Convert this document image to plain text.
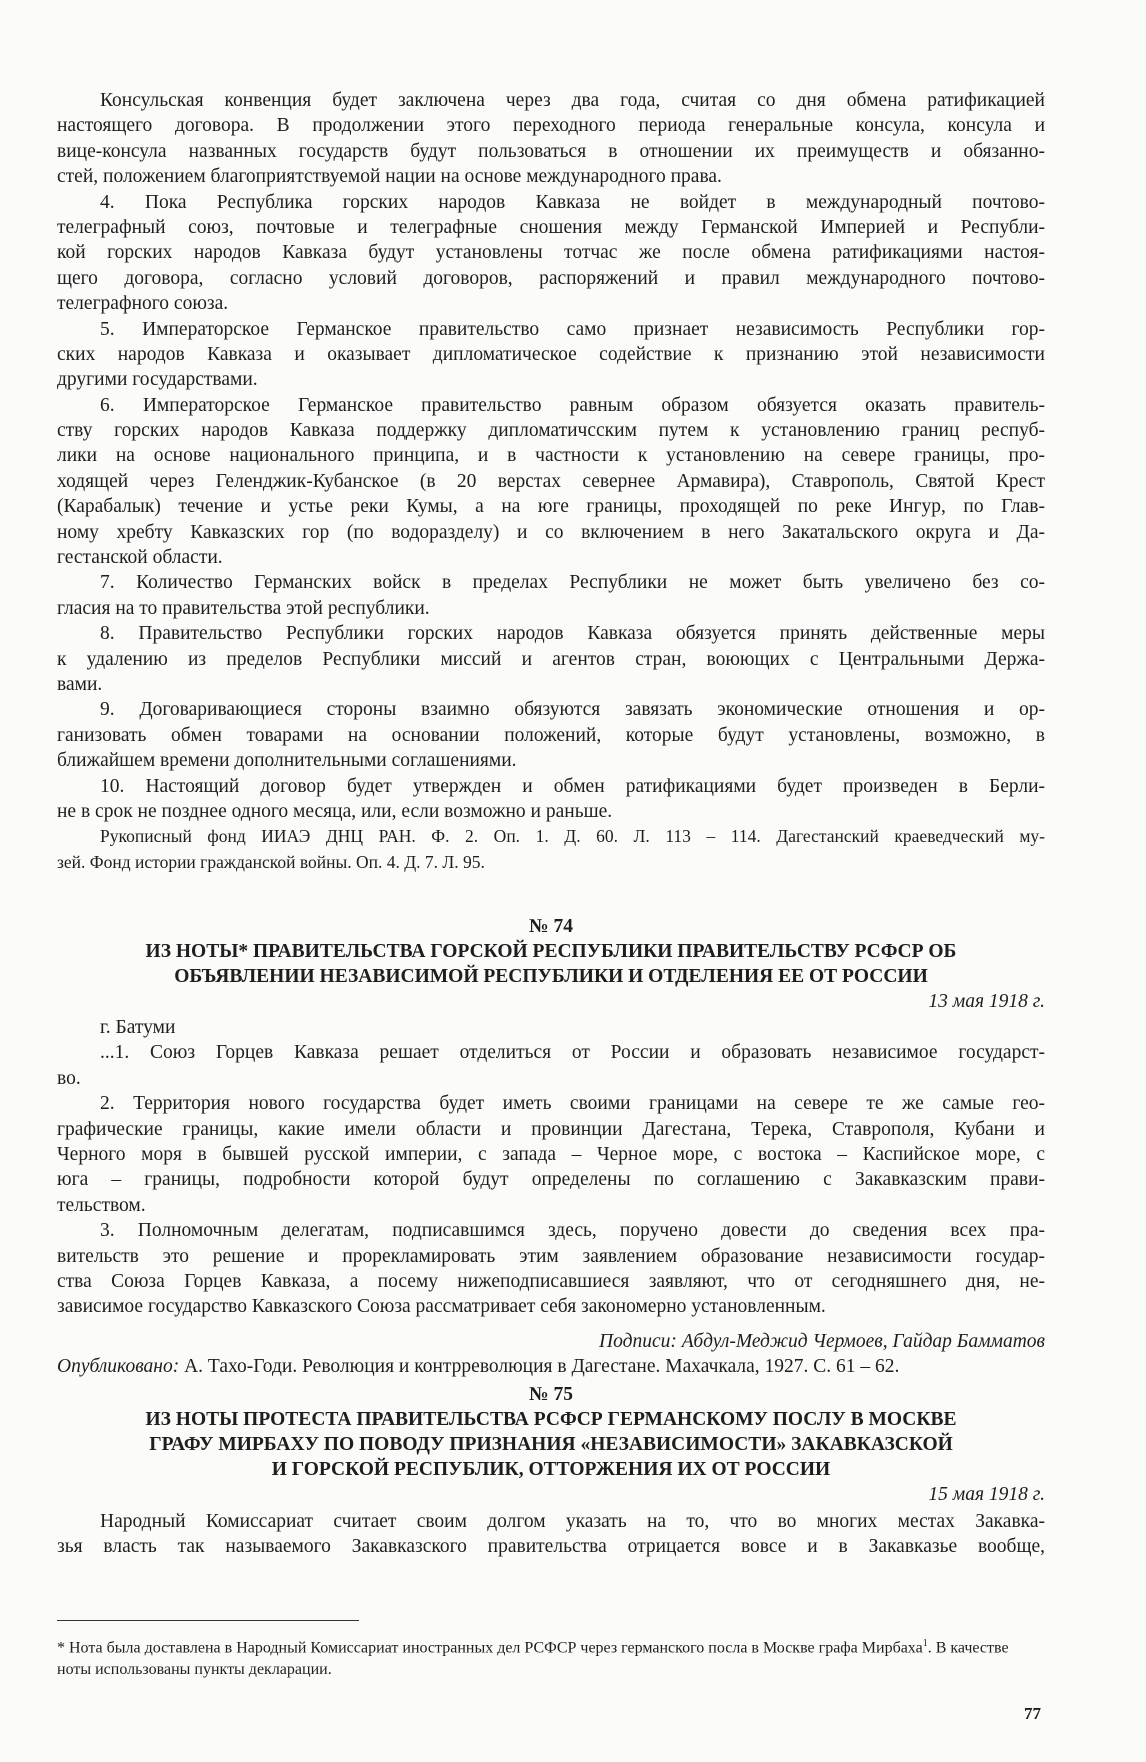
Консульская конвенция будет заключена через два года, считая со дня обмена ратификацией
настоящего договора. В продолжении этого переходного периода генеральные консула, консула и
вице-консула названных государств будут пользоваться в отношении их преимуществ и обязанно-
стей, положением благоприятствуемой нации на основе международного права.
4. Пока Республика горских народов Кавказа не войдет в международный почтово-
телеграфный союз, почтовые и телеграфные сношения между Германской Империей и Республи-
кой горских народов Кавказа будут установлены тотчас же после обмена ратификациями настоя-
щего договора, согласно условий договоров, распоряжений и правил международного почтово-
телеграфного союза.
5. Императорское Германское правительство само признает независимость Республики гор-
ских народов Кавказа и оказывает дипломатическое содействие к признанию этой независимости
другими государствами.
6. Императорское Германское правительство равным образом обязуется оказать правитель-
ству горских народов Кавказа поддержку дипломатичсским путем к установлению границ респуб-
лики на основе национального принципа, и в частности к установлению на севере границы, про-
ходящей через Геленджик-Кубанское (в 20 верстах севернее Армавира), Ставрополь, Святой Крест
(Карабалык) течение и устье реки Кумы, а на юге границы, проходящей по реке Ингур, по Глав-
ному хребту Кавказских гор (по водоразделу) и со включением в него Закатальского округа и Да-
гестанской области.
7. Количество Германских войск в пределах Республики не может быть увеличено без со-
гласия на то правительства этой республики.
8. Правительство Республики горских народов Кавказа обязуется принять действенные меры
к удалению из пределов Республики миссий и агентов стран, воюющих с Центральными Держа-
вами.
9. Договаривающиеся стороны взаимно обязуются завязать экономические отношения и ор-
ганизовать обмен товарами на основании положений, которые будут установлены, возможно, в
ближайшем времени дополнительными соглашениями.
10. Настоящий договор будет утвержден и обмен ратификациями будет произведен в Берли-
не в срок не позднее одного месяца, или, если возможно и раньше.
Рукописный фонд ИИАЭ ДНЦ РАН. Ф. 2. Оп. 1. Д. 60. Л. 113 – 114. Дагестанский краеведческий му-
зей. Фонд истории гражданской войны. Оп. 4. Д. 7. Л. 95.
№ 74
ИЗ НОТЫ* ПРАВИТЕЛЬСТВА ГОРСКОЙ РЕСПУБЛИКИ ПРАВИТЕЛЬСТВУ РСФСР ОБ
ОБЪЯВЛЕНИИ НЕЗАВИСИМОЙ РЕСПУБЛИКИ И ОТДЕЛЕНИЯ ЕЕ ОТ РОССИИ
13 мая 1918 г.
г. Батуми
...1. Союз Горцев Кавказа решает отделиться от России и образовать независимое государст-
во.
2. Территория нового государства будет иметь своими границами на севере те же самые гео-
графические границы, какие имели области и провинции Дагестана, Терека, Ставрополя, Кубани и
Черного моря в бывшей русской империи, с запада – Черное море, с востока – Каспийское море, с
юга – границы, подробности которой будут определены по соглашению с Закавказским прави-
тельством.
3. Полномочным делегатам, подписавшимся здесь, поручено довести до сведения всех пра-
вительств это решение и прорекламировать этим заявлением образование независимости государ-
ства Союза Горцев Кавказа, а посему нижеподписавшиеся заявляют, что от сегодняшнего дня, не-
зависимое государство Кавказского Союза рассматривает себя закономерно установленным.
Подписи: Абдул-Меджид Чермоев, Гайдар Бамматов
Опубликовано: А. Тахо-Годи. Революция и контрреволюция в Дагестане. Махачкала, 1927. С. 61 – 62.
№ 75
ИЗ НОТЫ ПРОТЕСТА ПРАВИТЕЛЬСТВА РСФСР ГЕРМАНСКОМУ ПОСЛУ В МОСКВЕ
ГРАФУ МИРБАХУ ПО ПОВОДУ ПРИЗНАНИЯ «НЕЗАВИСИМОСТИ» ЗАКАВКАЗСКОЙ
И ГОРСКОЙ РЕСПУБЛИК, ОТТОРЖЕНИЯ ИХ ОТ РОССИИ
15 мая 1918 г.
Народный Комиссариат считает своим долгом указать на то, что во многих местах Закавка-
зья власть так называемого Закавказского правительства отрицается вовсе и в Закавказье вообще,
* Нота была доставлена в Народный Комиссариат иностранных дел РСФСР через германского посла в Москве графа Мирбаха$^1$. В качестве ноты использованы пункты декларации.
77
